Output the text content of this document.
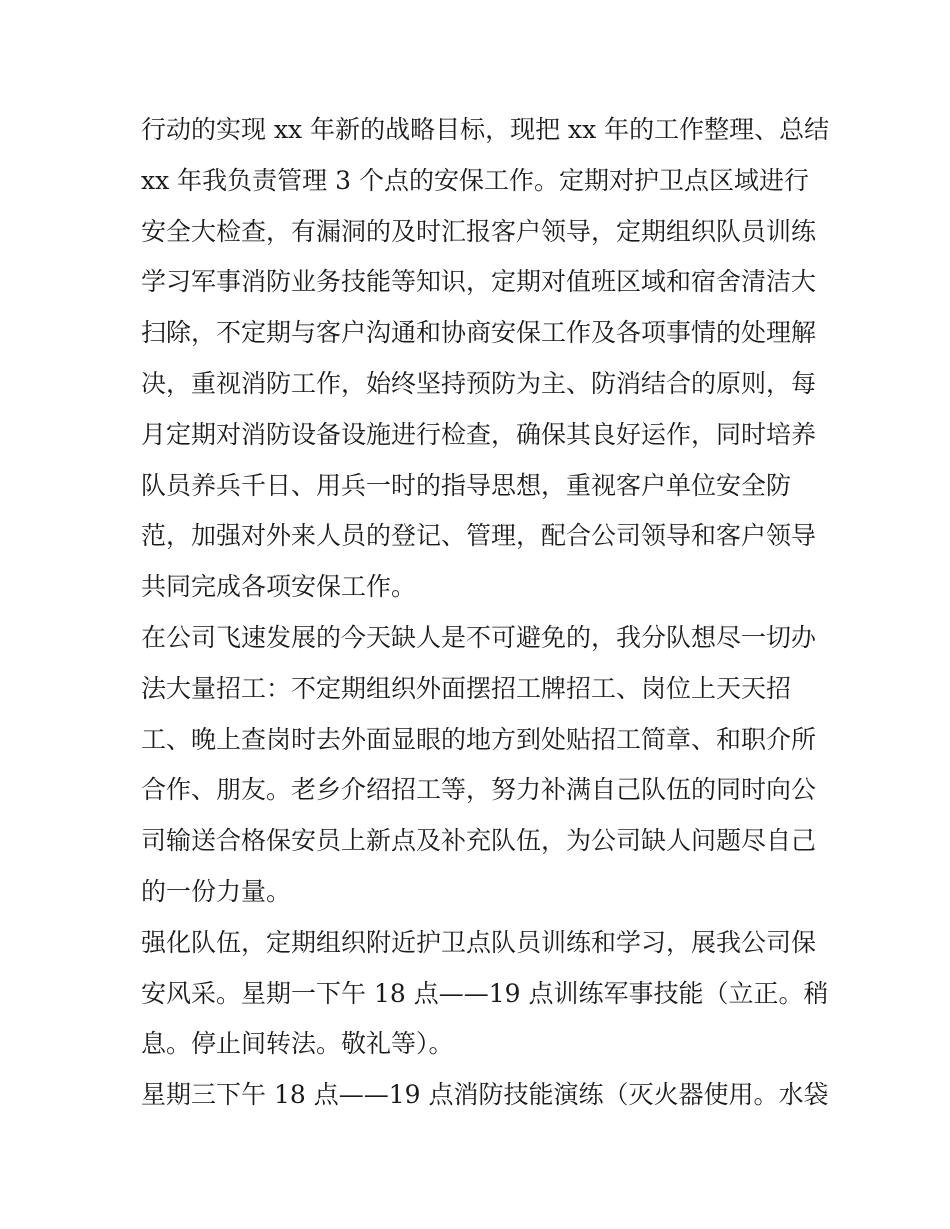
行动的实现 xx 年新的战略目标，现把 xx 年的工作整理、总结
xx 年我负责管理 3 个点的安保工作。定期对护卫点区域进行
安全大检查，有漏洞的及时汇报客户领导，定期组织队员训练
学习军事消防业务技能等知识，定期对值班区域和宿舍清洁大
扫除，不定期与客户沟通和协商安保工作及各项事情的处理解
决，重视消防工作，始终坚持预防为主、防消结合的原则，每
月定期对消防设备设施进行检查，确保其良好运作，同时培养
队员养兵千日、用兵一时的指导思想，重视客户单位安全防
范，加强对外来人员的登记、管理，配合公司领导和客户领导
共同完成各项安保工作。
在公司飞速发展的今天缺人是不可避免的，我分队想尽一切办
法大量招工：不定期组织外面摆招工牌招工、岗位上天天招
工、晚上查岗时去外面显眼的地方到处贴招工简章、和职介所
合作、朋友。老乡介绍招工等，努力补满自己队伍的同时向公
司输送合格保安员上新点及补充队伍，为公司缺人问题尽自己
的一份力量。
强化队伍，定期组织附近护卫点队员训练和学习，展我公司保
安风采。星期一下午 18 点——19 点训练军事技能（立正。稍
息。停止间转法。敬礼等）。
星期三下午 18 点——19 点消防技能演练（灭火器使用。水袋
